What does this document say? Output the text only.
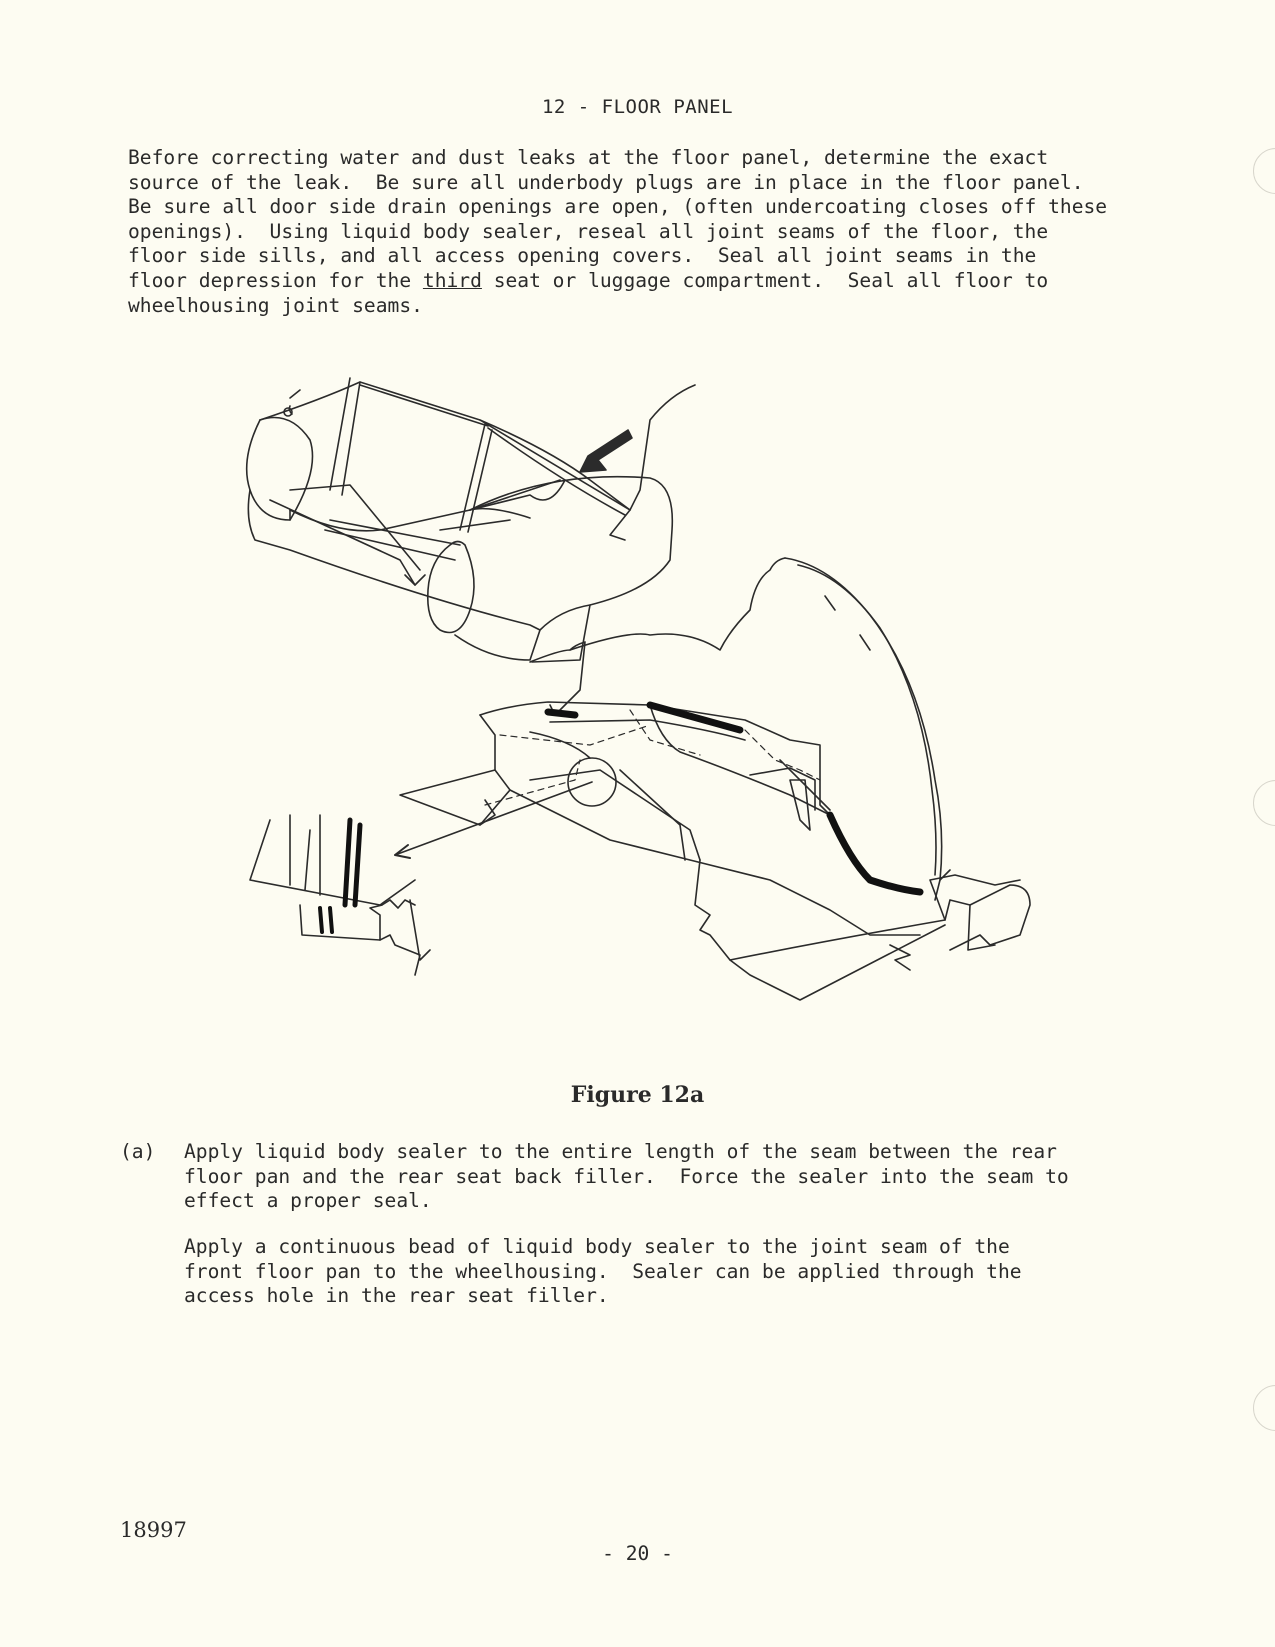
12 - FLOOR PANEL
Before correcting water and dust leaks at the floor panel, determine the exact
source of the leak.  Be sure all underbody plugs are in place in the floor panel.
Be sure all door side drain openings are open, (often undercoating closes off these
openings).  Using liquid body sealer, reseal all joint seams of the floor, the
floor side sills, and all access opening covers.  Seal all joint seams in the
floor depression for the third seat or luggage compartment.  Seal all floor to
wheelhousing joint seams.
Figure 12a
(a) Apply liquid body sealer to the entire length of the seam between the rear
floor pan and the rear seat back filler.  Force the sealer into the seam to
effect a proper seal.
Apply a continuous bead of liquid body sealer to the joint seam of the
front floor pan to the wheelhousing.  Sealer can be applied through the
access hole in the rear seat filler.
18997
- 20 -
